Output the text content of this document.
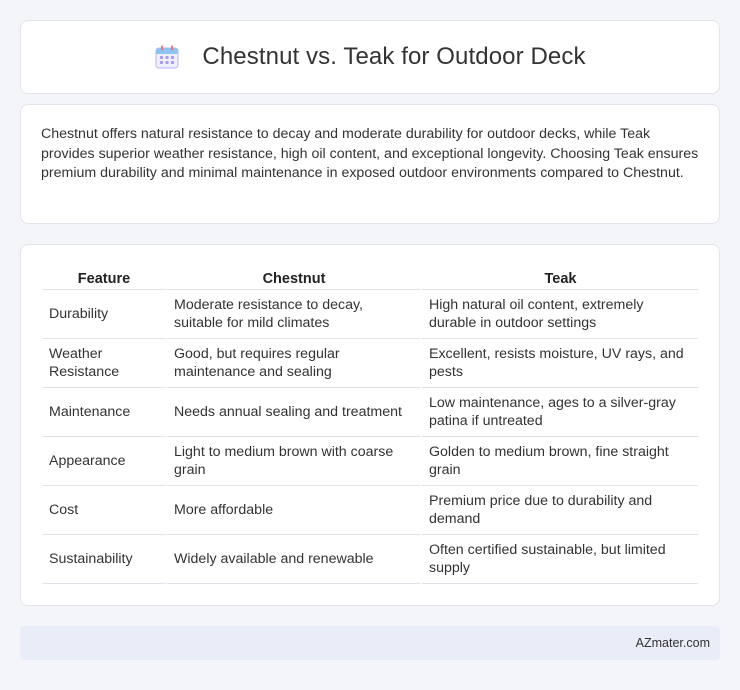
Chestnut vs. Teak for Outdoor Deck

Chestnut offers natural resistance to decay and moderate durability for outdoor decks, while Teak provides superior weather resistance, high oil content, and exceptional longevity. Choosing Teak ensures premium durability and minimal maintenance in exposed outdoor environments compared to Chestnut.

Feature	Chestnut	Teak
Durability	Moderate resistance to decay, suitable for mild climates	High natural oil content, extremely durable in outdoor settings
Weather Resistance	Good, but requires regular maintenance and sealing	Excellent, resists moisture, UV rays, and pests
Maintenance	Needs annual sealing and treatment	Low maintenance, ages to a silver-gray patina if untreated
Appearance	Light to medium brown with coarse grain	Golden to medium brown, fine straight grain
Cost	More affordable	Premium price due to durability and demand
Sustainability	Widely available and renewable	Often certified sustainable, but limited supply
AZmater.com
